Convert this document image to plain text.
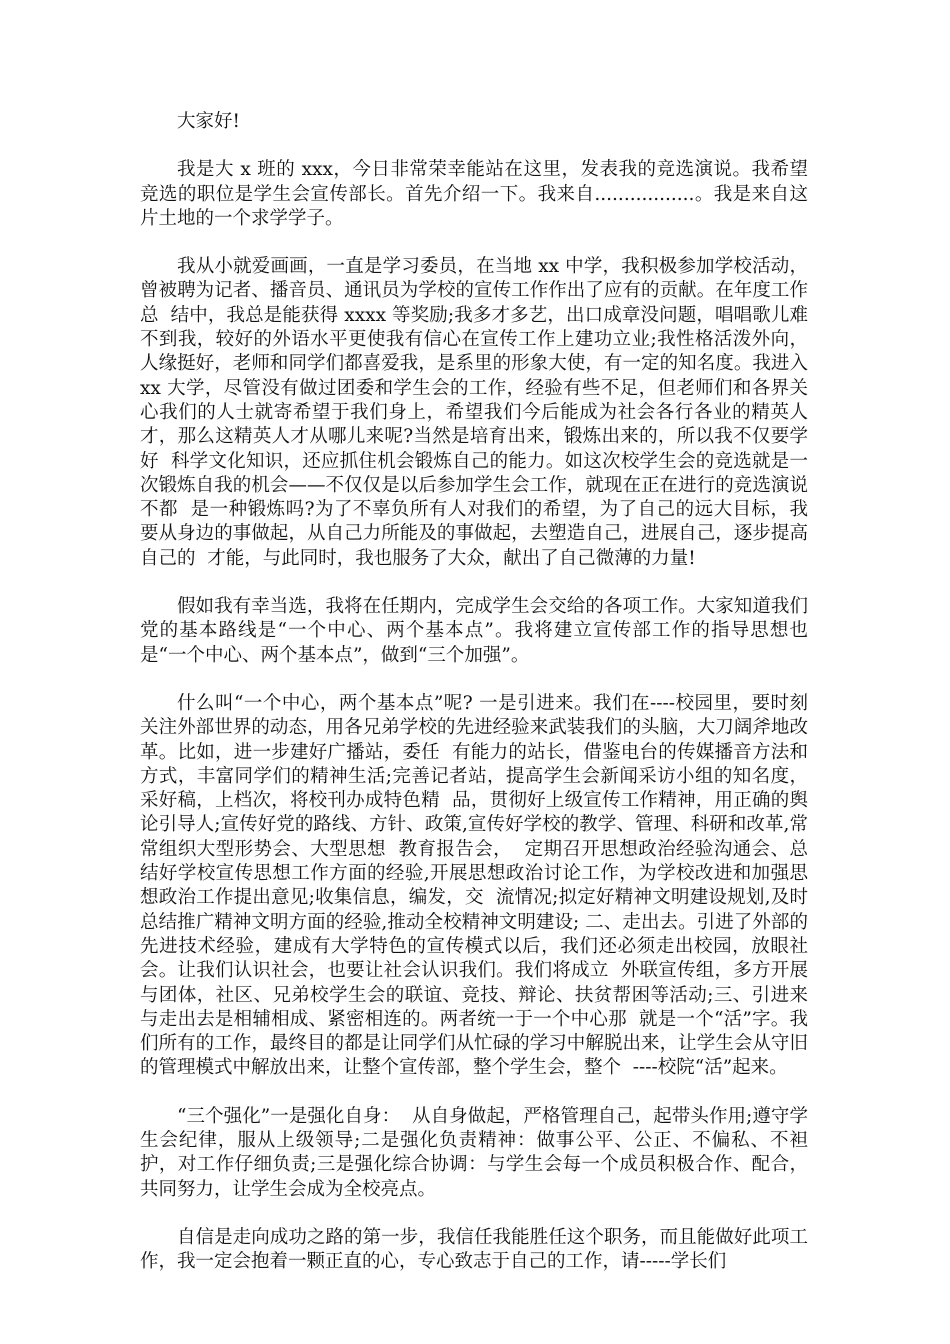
大家好!

我是大 x 班的 xxx，今日非常荣幸能站在这里，发表我的竞选演说。我希望竞选的职位是学生会宣传部长。首先介绍一下。我来自.................。我是来自这片土地的一个求学学子。

我从小就爱画画，一直是学习委员，在当地 xx 中学，我积极参加学校活动，曾被聘为记者、播音员、通讯员为学校的宣传工作作出了应有的贡献。在年度工作总  结中，我总是能获得 xxxx 等奖励;我多才多艺，出口成章没问题，唱唱歌儿难不到我，较好的外语水平更使我有信心在宣传工作上建功立业;我性格活泼外向，  人缘挺好，老师和同学们都喜爱我，是系里的形象大使，有一定的知名度。我进入 xx 大学，尽管没有做过团委和学生会的工作，经验有些不足，但老师们和各界关  心我们的人士就寄希望于我们身上，希望我们今后能成为社会各行各业的精英人才，那么这精英人才从哪儿来呢?当然是培育出来，锻炼出来的，所以我不仅要学好  科学文化知识，还应抓住机会锻炼自己的能力。如这次校学生会的竞选就是一次锻炼自我的机会——不仅仅是以后参加学生会工作，就现在正在进行的竞选演说不都  是一种锻炼吗?为了不辜负所有人对我们的希望，为了自己的远大目标，我要从身边的事做起，从自己力所能及的事做起，去塑造自己，进展自己，逐步提高自己的  才能，与此同时，我也服务了大众，献出了自己微薄的力量!

假如我有幸当选，我将在任期内，完成学生会交给的各项工作。大家知道我们党的基本路线是“一个中心、两个基本点”。我将建立宣传部工作的指导思想也是“一个中心、两个基本点”，做到“三个加强”。

什么叫“一个中心，两个基本点”呢? 一是引进来。我们在----校园里，要时刻关注外部世界的动态，用各兄弟学校的先进经验来武装我们的头脑，大刀阔斧地改革。比如，进一步建好广播站，委任  有能力的站长，借鉴电台的传媒播音方法和方式，丰富同学们的精神生活;完善记者站，提高学生会新闻采访小组的知名度，采好稿，上档次，将校刊办成特色精  品，贯彻好上级宣传工作精神，用正确的舆论引导人;宣传好党的路线、方针、政策,宣传好学校的教学、管理、科研和改革,常常组织大型形势会、大型思想  教育报告会，  定期召开思想政治经验沟通会、总结好学校宣传思想工作方面的经验,开展思想政治讨论工作，为学校改进和加强思想政治工作提出意见;收集信息，编发，交  流情况;拟定好精神文明建设规划,及时总结推广精神文明方面的经验,推动全校精神文明建设; 二、走出去。引进了外部的先进技术经验，建成有大学特色的宣传模式以后，我们还必须走出校园，放眼社会。让我们认识社会，也要让社会认识我们。我们将成立  外联宣传组，多方开展与团体，社区、兄弟校学生会的联谊、竞技、辩论、扶贫帮困等活动;三、引进来与走出去是相辅相成、紧密相连的。两者统一于一个中心那  就是一个“活”字。我们所有的工作，最终目的都是让同学们从忙碌的学习中解脱出来，让学生会从守旧的管理模式中解放出来，让整个宣传部，整个学生会，整个  ----校院“活”起来。

“三个强化”一是强化自身：  从自身做起，严格管理自己，起带头作用;遵守学生会纪律，服从上级领导;二是强化负责精神：做事公平、公正、不偏私、不袒护，对工作仔细负责;三是强化综合协调：与学生会每一个成员积极合作、配合，共同努力，让学生会成为全校亮点。

自信是走向成功之路的第一步，我信任我能胜任这个职务，而且能做好此项工作，我一定会抱着一颗正直的心，专心致志于自己的工作，请-----学长们
